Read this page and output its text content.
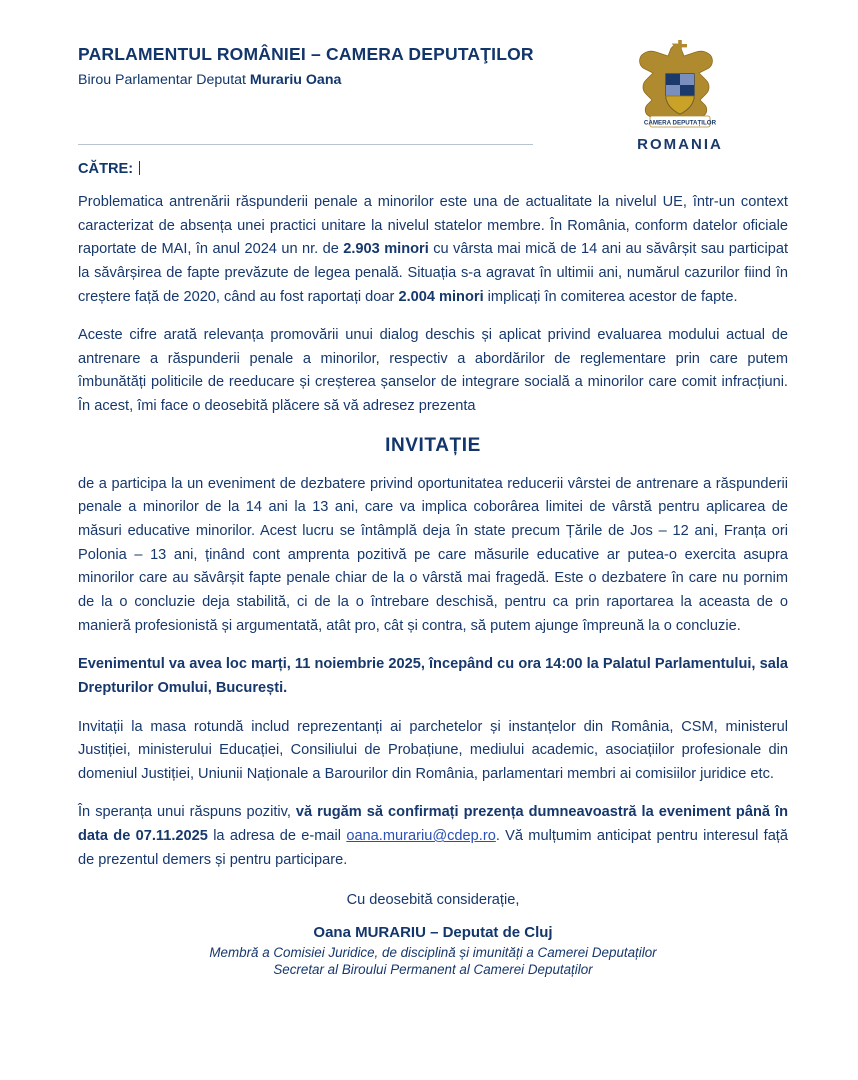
PARLAMENTUL ROMÂNIEI – CAMERA DEPUTAŢILOR
Birou Parlamentar Deputat Murariu Oana
CAMERA DEPUTAȚILOR
ROMANIA
CĂTRE:

Problematica antrenării răspunderii penale a minorilor este una de actualitate la nivelul UE, într-un context caracterizat de absența unei practici unitare la nivelul statelor membre. În România, conform datelor oficiale raportate de MAI, în anul 2024 un nr. de 2.903 minori cu vârsta mai mică de 14 ani au săvârșit sau participat la săvârșirea de fapte prevăzute de legea penală. Situația s-a agravat în ultimii ani, numărul cazurilor fiind în creștere față de 2020, când au fost raportați doar 2.004 minori implicați în comiterea acestor de fapte.

Aceste cifre arată relevanța promovării unui dialog deschis și aplicat privind evaluarea modului actual de antrenare a răspunderii penale a minorilor, respectiv a abordărilor de reglementare prin care putem îmbunătăți politicile de reeducare și creșterea șanselor de integrare socială a minorilor care comit infracțiuni. În acest, îmi face o deosebită plăcere să vă adresez prezenta

INVITAȚIE

de a participa la un eveniment de dezbatere privind oportunitatea reducerii vârstei de antrenare a răspunderii penale a minorilor de la 14 ani la 13 ani, care va implica coborârea limitei de vârstă pentru aplicarea de măsuri educative minorilor. Acest lucru se întâmplă deja în state precum Țările de Jos – 12 ani, Franța ori Polonia – 13 ani, ținând cont amprenta pozitivă pe care măsurile educative ar putea-o exercita asupra minorilor care au săvârșit fapte penale chiar de la o vârstă mai fragedă. Este o dezbatere în care nu pornim de la o concluzie deja stabilită, ci de la o întrebare deschisă, pentru ca prin raportarea la aceasta de o manieră profesionistă și argumentată, atât pro, cât și contra, să putem ajunge împreună la o concluzie.

Evenimentul va avea loc marți, 11 noiembrie 2025, începând cu ora 14:00 la Palatul Parlamentului, sala Drepturilor Omului, București.

Invitații la masa rotundă includ reprezentanți ai parchetelor și instanțelor din România, CSM, ministerul Justiției, ministerului Educației, Consiliului de Probațiune, mediului academic, asociațiilor profesionale din domeniul Justiției, Uniunii Naționale a Barourilor din România, parlamentari membri ai comisiilor juridice etc.

În speranța unui răspuns pozitiv, vă rugăm să confirmați prezența dumneavoastră la eveniment până în data de 07.11.2025 la adresa de e-mail oana.murariu@cdep.ro. Vă mulțumim anticipat pentru interesul față de prezentul demers și pentru participare.

Cu deosebită considerație,
Oana MURARIU – Deputat de Cluj
Membră a Comisiei Juridice, de disciplină și imunități a Camerei Deputaților
Secretar al Biroului Permanent al Camerei Deputaților
